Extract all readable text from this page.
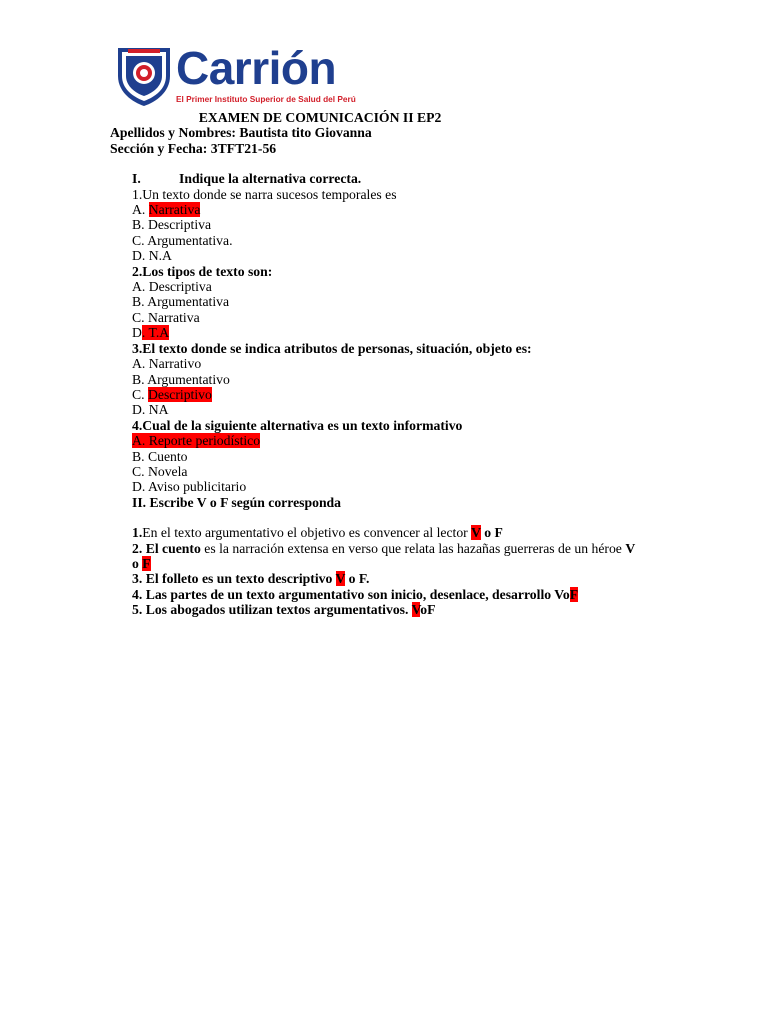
Carrión
El Primer Instituto Superior de Salud del Perú
EXAMEN DE COMUNICACIÓN II EP2
Apellidos y Nombres: Bautista tito Giovanna
Sección y Fecha: 3TFT21-56
I.	Indique la alternativa correcta.
1.Un texto donde se narra sucesos temporales es
A. Narrativa
B. Descriptiva
C. Argumentativa.
D. N.A
2.Los tipos de texto son:
A. Descriptiva
B. Argumentativa
C. Narrativa
D. T.A
3.El texto donde se indica atributos de personas, situación, objeto es:
A. Narrativo
B. Argumentativo
C. Descriptivo
D. NA
4.Cual de la siguiente alternativa es un texto informativo
A. Reporte periodístico
B. Cuento
C. Novela
D. Aviso publicitario
II. Escribe V o F según corresponda
1.En el texto argumentativo el objetivo es convencer al lector V o F
2. El cuento es la narración extensa en verso que relata las hazañas guerreras de un héroe V
o F
3. El folleto es un texto descriptivo V o F.
4. Las partes de un texto argumentativo son inicio, desenlace, desarrollo VoF
5. Los abogados utilizan textos argumentativos. VoF
